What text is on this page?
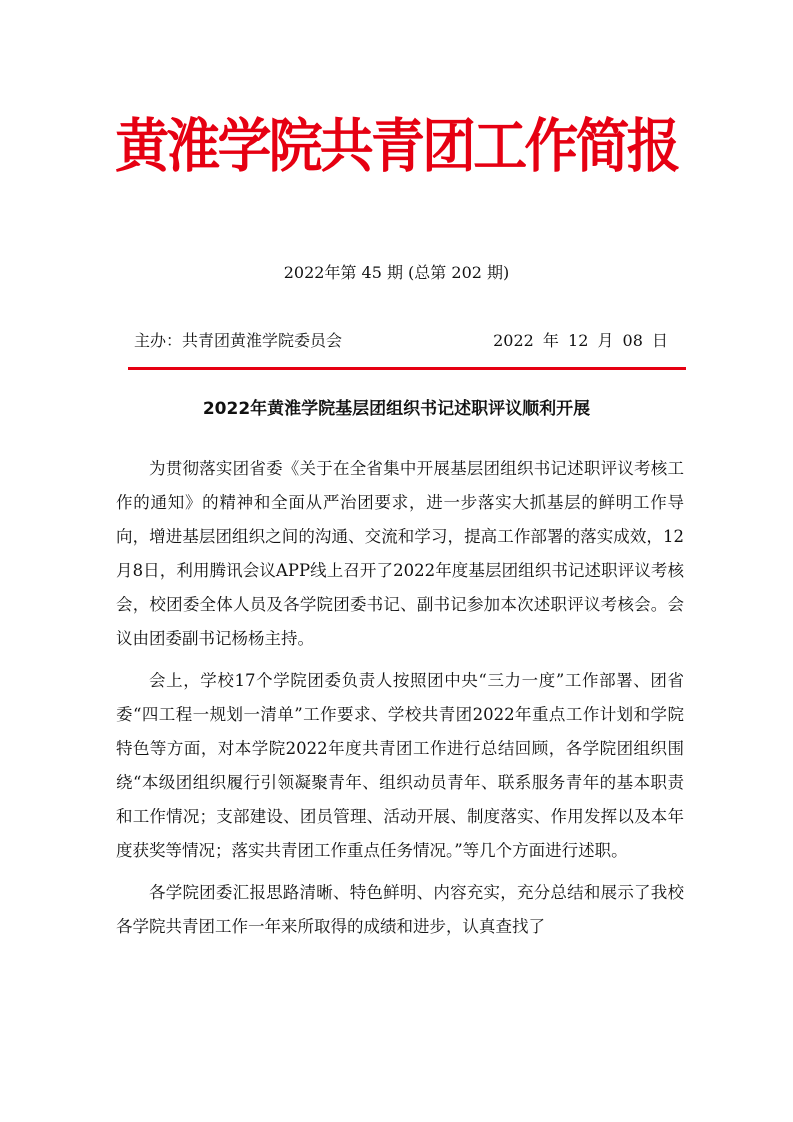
黄淮学院共青团工作简报
2022年第 45 期 (总第 202 期)
主办：共青团黄淮学院委员会	2022 年 12 月 08 日
2022年黄淮学院基层团组织书记述职评议顺利开展

为贯彻落实团省委《关于在全省集中开展基层团组织书记述职评议考核工作的通知》的精神和全面从严治团要求，进一步落实大抓基层的鲜明工作导向，增进基层团组织之间的沟通、交流和学习，提高工作部署的落实成效，12月8日，利用腾讯会议APP线上召开了2022年度基层团组织书记述职评议考核会，校团委全体人员及各学院团委书记、副书记参加本次述职评议考核会。会议由团委副书记杨杨主持。

会上，学校17个学院团委负责人按照团中央“三力一度”工作部署、团省委“四工程一规划一清单”工作要求、学校共青团2022年重点工作计划和学院特色等方面，对本学院2022年度共青团工作进行总结回顾，各学院团组织围绕“本级团组织履行引领凝聚青年、组织动员青年、联系服务青年的基本职责和工作情况；支部建设、团员管理、活动开展、制度落实、作用发挥以及本年度获奖等情况；落实共青团工作重点任务情况。”等几个方面进行述职。

各学院团委汇报思路清晰、特色鲜明、内容充实，充分总结和展示了我校各学院共青团工作一年来所取得的成绩和进步，认真查找了
